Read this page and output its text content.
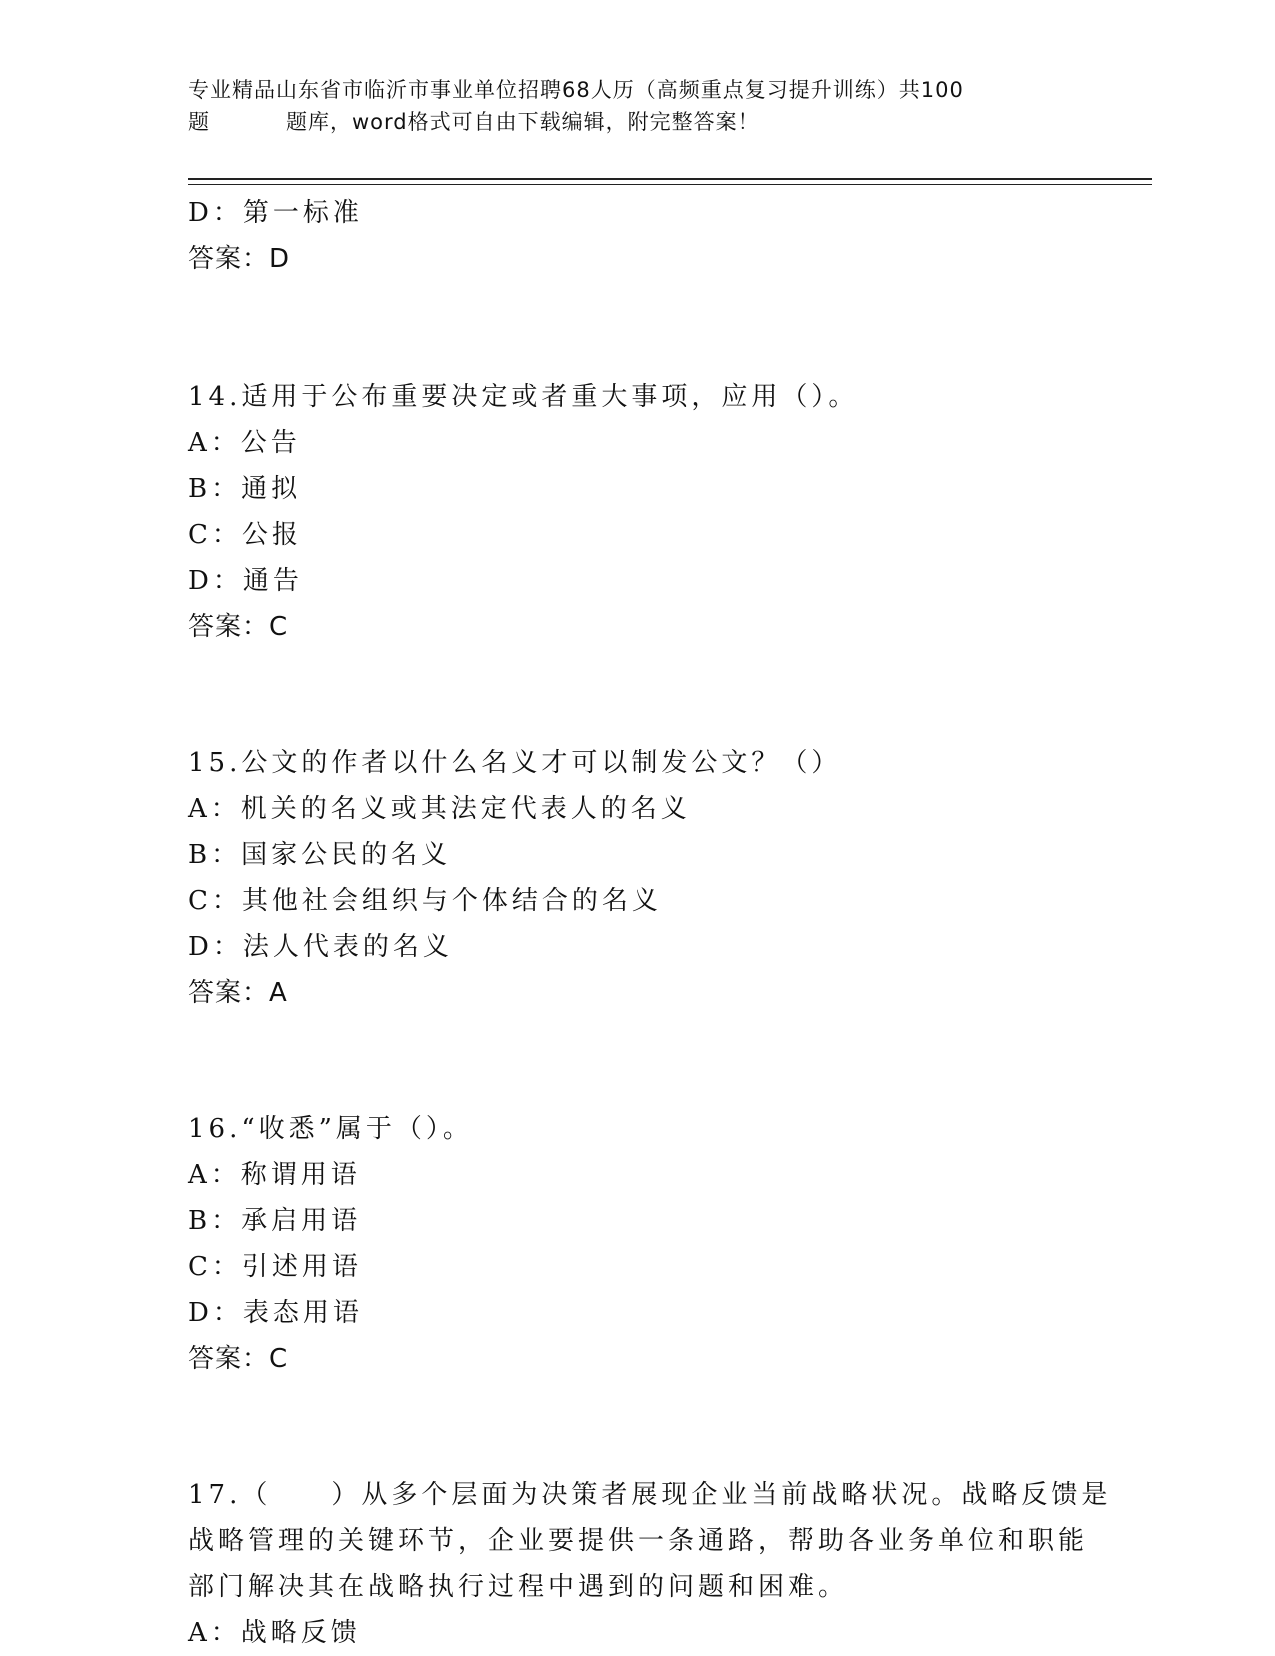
专业精品山东省市临沂市事业单位招聘68人历（高频重点复习提升训练）共100
题	题库，word格式可自由下载编辑，附完整答案！
D：第一标准
答案：D
14.适用于公布重要决定或者重大事项，应用（）。
A：公告
B：通拟
C：公报
D：通告
答案：C
15.公文的作者以什么名义才可以制发公文？（）
A：机关的名义或其法定代表人的名义
B：国家公民的名义
C：其他社会组织与个体结合的名义
D：法人代表的名义
答案：A
16.“收悉”属于（）。
A：称谓用语
B：承启用语
C：引述用语
D：表态用语
答案：C
17.（　　）从多个层面为决策者展现企业当前战略状况。战略反馈是
战略管理的关键环节，企业要提供一条通路，帮助各业务单位和职能
部门解决其在战略执行过程中遇到的问题和困难。
A：战略反馈
